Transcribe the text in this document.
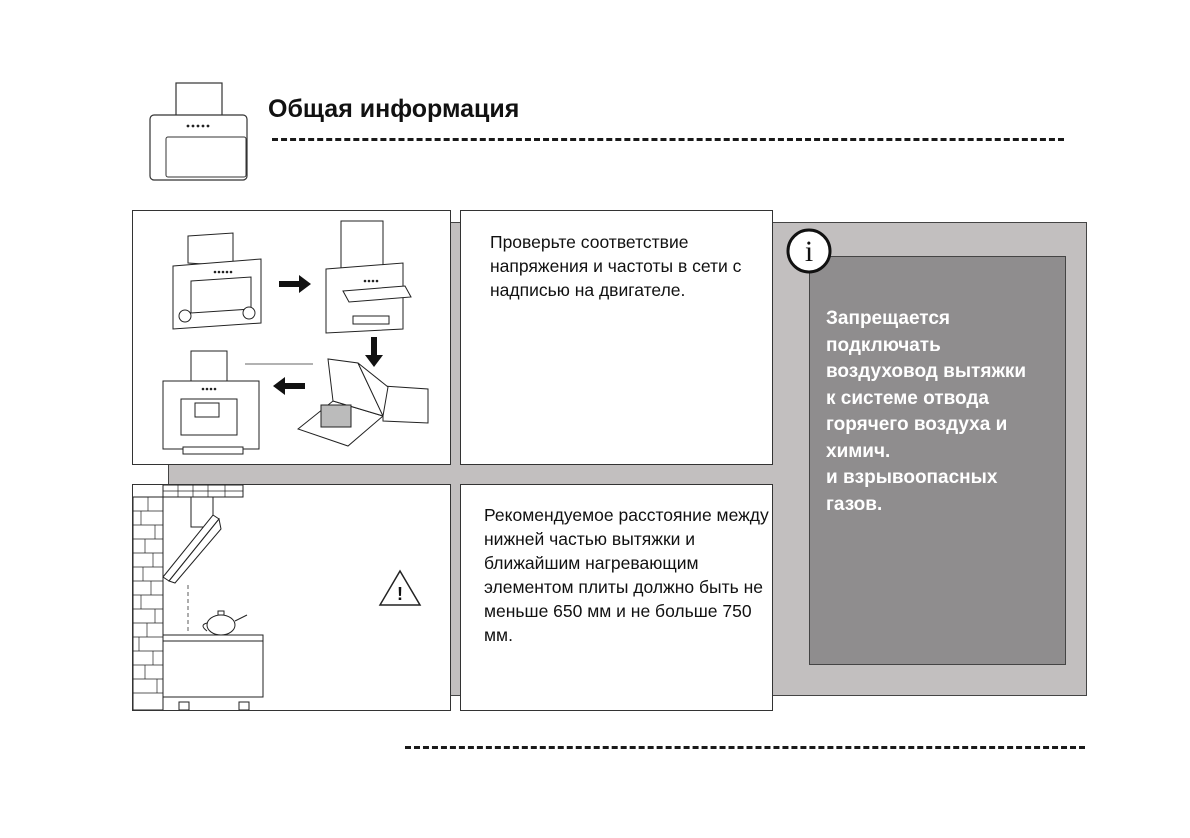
Общая информация
Проверьте соответствие напряжения и частоты в сети с надписью на двигателе.
!
Рекомендуемое расстояние между нижней частью вытяжки и ближайшим нагревающим элементом плиты должно быть не меньше 650 мм и не больше 750 мм.
i
Запрещается
подключать
воздуховод вытяжки
к системе отвода
горячего воздуха и
химич.
и взрывоопасных
газов.
